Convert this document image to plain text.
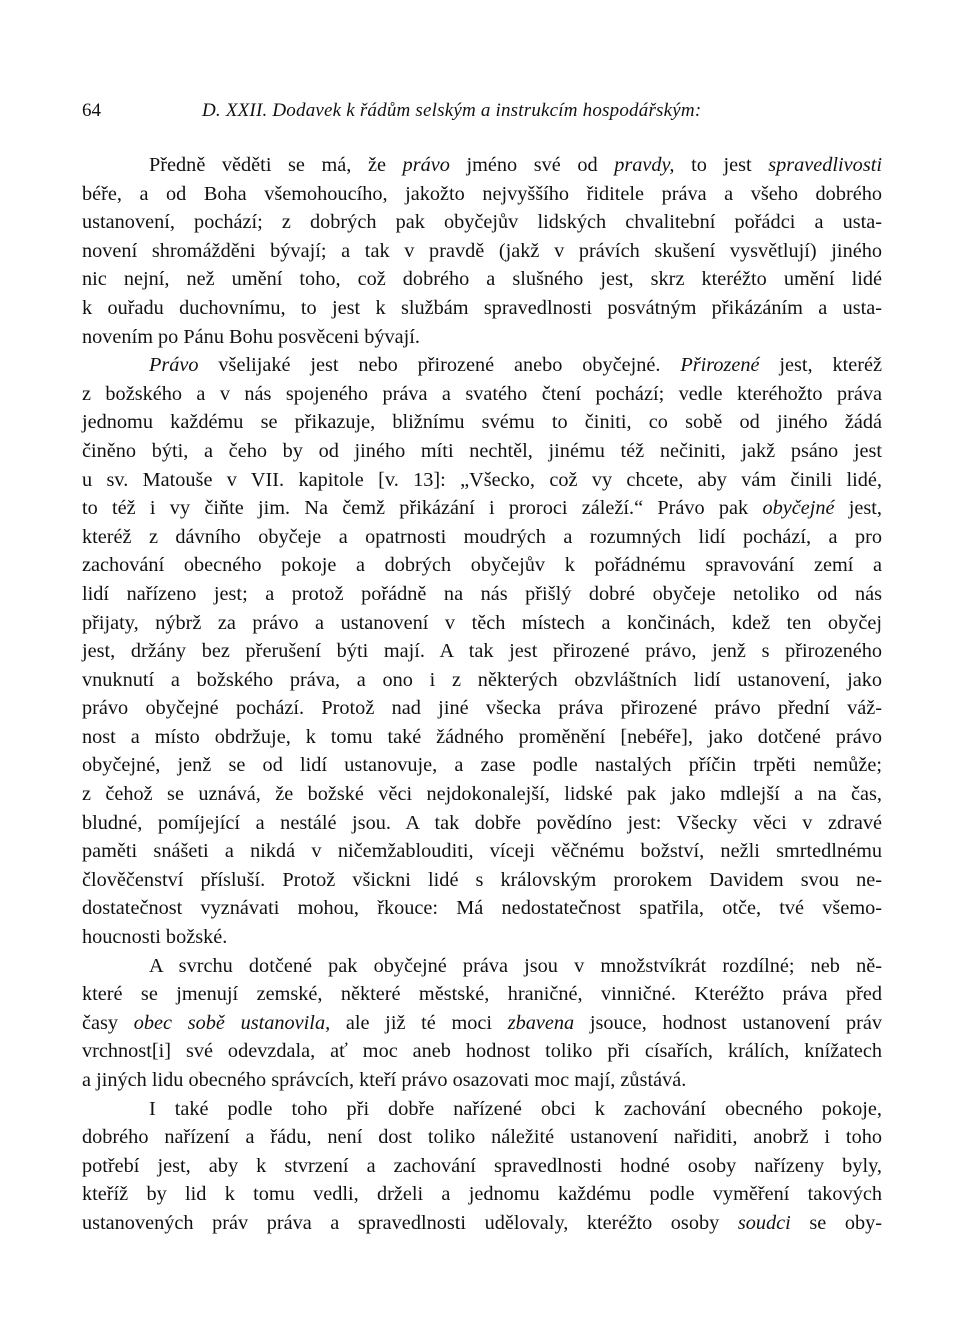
64	D. XXII. Dodavek k řádům selským a instrukcím hospodářským:
Předně věděti se má, že právo jméno své od pravdy, to jest spravedlivosti
béře, a od Boha všemohoucího, jakožto nejvyššího řiditele práva a všeho dobrého
ustanovení, pochází; z dobrých pak obyčejův lidských chvalitební pořádci a usta-
novení shromážděni bývají; a tak v pravdě (jakž v právích skušení vysvětlují) jiného
nic nejní, než umění toho, což dobrého a slušného jest, skrz kteréžto umění lidé
k ouřadu duchovnímu, to jest k službám spravedlnosti posvátným přikázáním a usta-
novením po Pánu Bohu posvěceni bývají.
Právo všelijaké jest nebo přirozené anebo obyčejné. Přirozené jest, kteréž
z božského a v nás spojeného práva a svatého čtení pochází; vedle kteréhožto práva
jednomu každému se přikazuje, bližnímu svému to činiti, co sobě od jiného žádá
činěno býti, a čeho by od jiného míti nechtěl, jinému též nečiniti, jakž psáno jest
u sv. Matouše v VII. kapitole [v. 13]: „Všecko, což vy chcete, aby vám činili lidé,
to též i vy čiňte jim. Na čemž přikázání i proroci záleží.“ Právo pak obyčejné jest,
kteréž z dávního obyčeje a opatrnosti moudrých a rozumných lidí pochází, a pro
zachování obecného pokoje a dobrých obyčejův k pořádnému spravování zemí a
lidí nařízeno jest; a protož pořádně na nás přišlý dobré obyčeje netoliko od nás
přijaty, nýbrž za právo a ustanovení v těch místech a končinách, kdež ten obyčej
jest, držány bez přerušení býti mají. A tak jest přirozené právo, jenž s přirozeného
vnuknutí a božského práva, a ono i z některých obzvláštních lidí ustanovení, jako
právo obyčejné pochází. Protož nad jiné všecka práva přirozené právo přední váž-
nost a místo obdržuje, k tomu také žádného proměnění [nebéře], jako dotčené právo
obyčejné, jenž se od lidí ustanovuje, a zase podle nastalých příčin trpěti nemůže;
z čehož se uznává, že božské věci nejdokonalejší, lidské pak jako mdlejší a na čas,
bludné, pomíjející a nestálé jsou. A tak dobře povědíno jest: Všecky věci v zdravé
paměti snášeti a nikdá v ničemžablouditi, víceji věčnému božství, nežli smrtedlnému
člověčenství přísluší. Protož všickni lidé s královským prorokem Davidem svou ne-
dostatečnost vyznávati mohou, řkouce: Má nedostatečnost spatřila, otče, tvé všemo-
houcnosti božské.
A svrchu dotčené pak obyčejné práva jsou v množstvíkrát rozdílné; neb ně-
které se jmenují zemské, některé městské, hraničné, vinničné. Kteréžto práva před
časy obec sobě ustanovila, ale již té moci zbavena jsouce, hodnost ustanovení práv
vrchnost[i] své odevzdala, ať moc aneb hodnost toliko při císařích, králích, knížatech
a jiných lidu obecného správcích, kteří právo osazovati moc mají, zůstává.
I také podle toho při dobře nařízené obci k zachování obecného pokoje,
dobrého nařízení a řádu, není dost toliko náležité ustanovení nařiditi, anobrž i toho
potřebí jest, aby k stvrzení a zachování spravedlnosti hodné osoby nařízeny byly,
kteříž by lid k tomu vedli, drželi a jednomu každému podle vyměření takových
ustanovených práv práva a spravedlnosti udělovaly, kteréžto osoby soudci se oby-
